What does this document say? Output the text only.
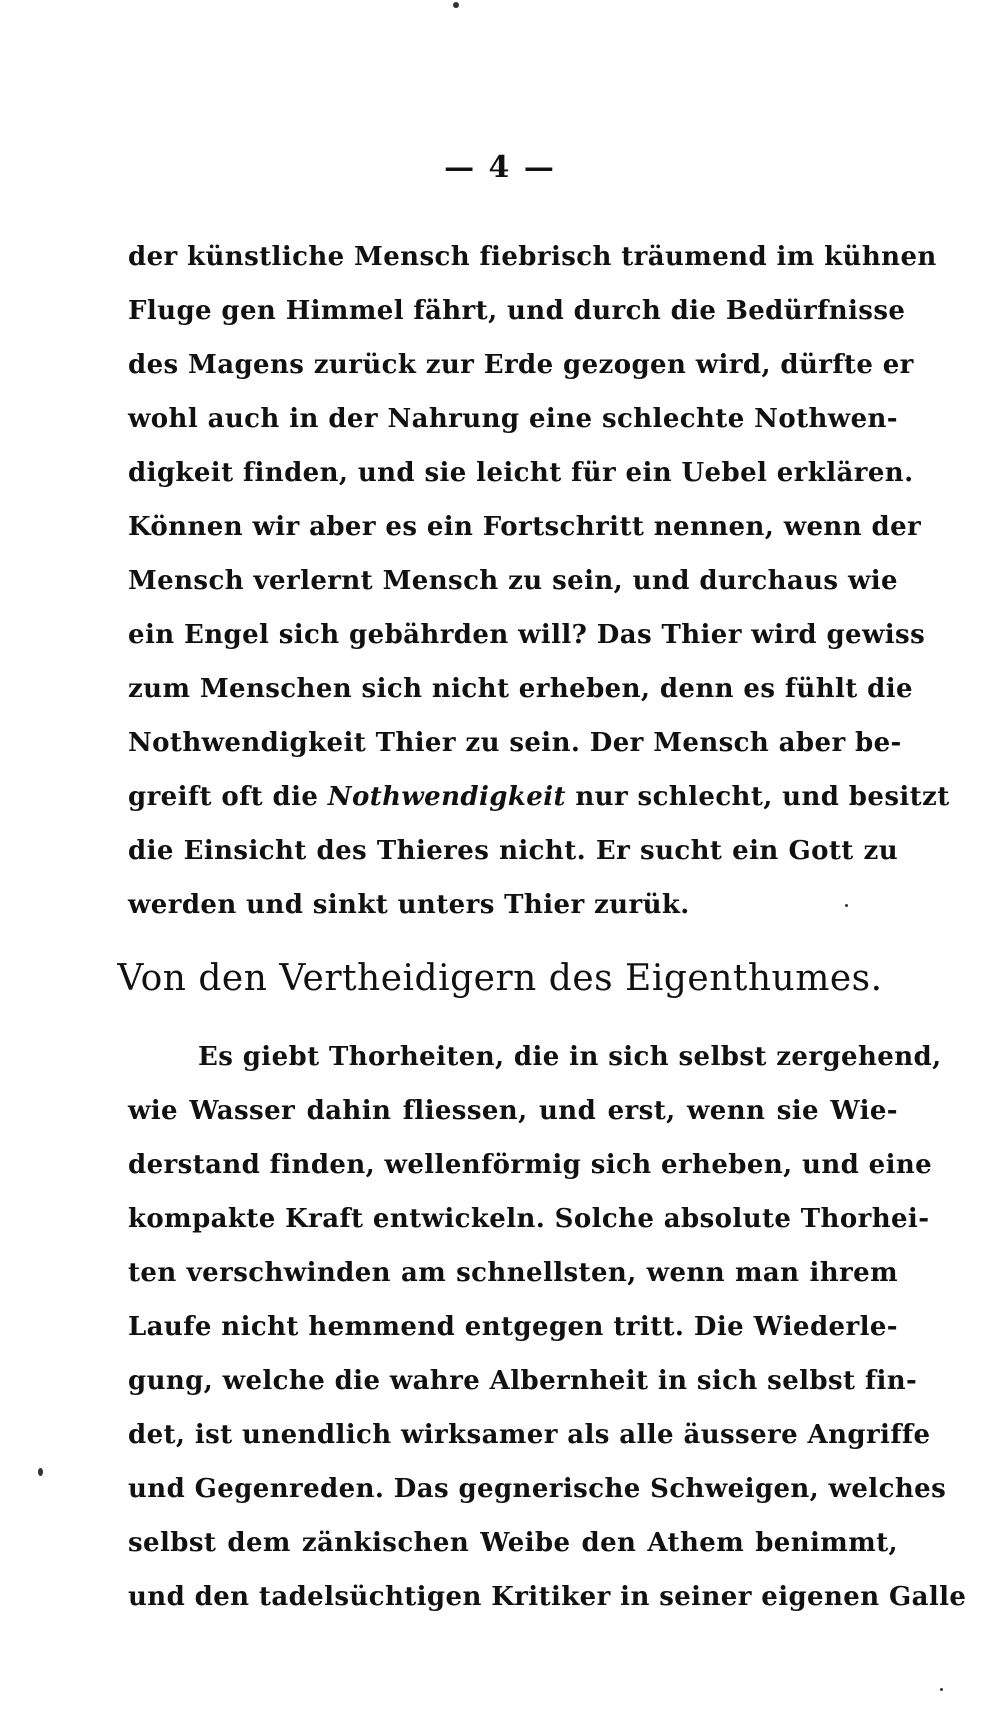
— 4 —
der künstliche Mensch fiebrisch träumend im kühnen
Fluge gen Himmel fährt, und durch die Bedürfnisse
des Magens zurück zur Erde gezogen wird, dürfte er
wohl auch in der Nahrung eine schlechte Nothwen-
digkeit finden, und sie leicht für ein Uebel erklären.
Können wir aber es ein Fortschritt nennen, wenn der
Mensch verlernt Mensch zu sein, und durchaus wie
ein Engel sich gebährden will? Das Thier wird gewiss
zum Menschen sich nicht erheben, denn es fühlt die
Nothwendigkeit Thier zu sein. Der Mensch aber be-
greift oft die Nothwendigkeit nur schlecht, und besitzt
die Einsicht des Thieres nicht. Er sucht ein Gott zu
werden und sinkt unters Thier zurük.
Von den Vertheidigern des Eigenthumes.
Es giebt Thorheiten, die in sich selbst zergehend,
wie Wasser dahin fliessen, und erst, wenn sie Wie-
derstand finden, wellenförmig sich erheben, und eine
kompakte Kraft entwickeln. Solche absolute Thorhei-
ten verschwinden am schnellsten, wenn man ihrem
Laufe nicht hemmend entgegen tritt. Die Wiederle-
gung, welche die wahre Albernheit in sich selbst fin-
det, ist unendlich wirksamer als alle äussere Angriffe
und Gegenreden. Das gegnerische Schweigen, welches
selbst dem zänkischen Weibe den Athem benimmt,
und den tadelsüchtigen Kritiker in seiner eigenen Galle
